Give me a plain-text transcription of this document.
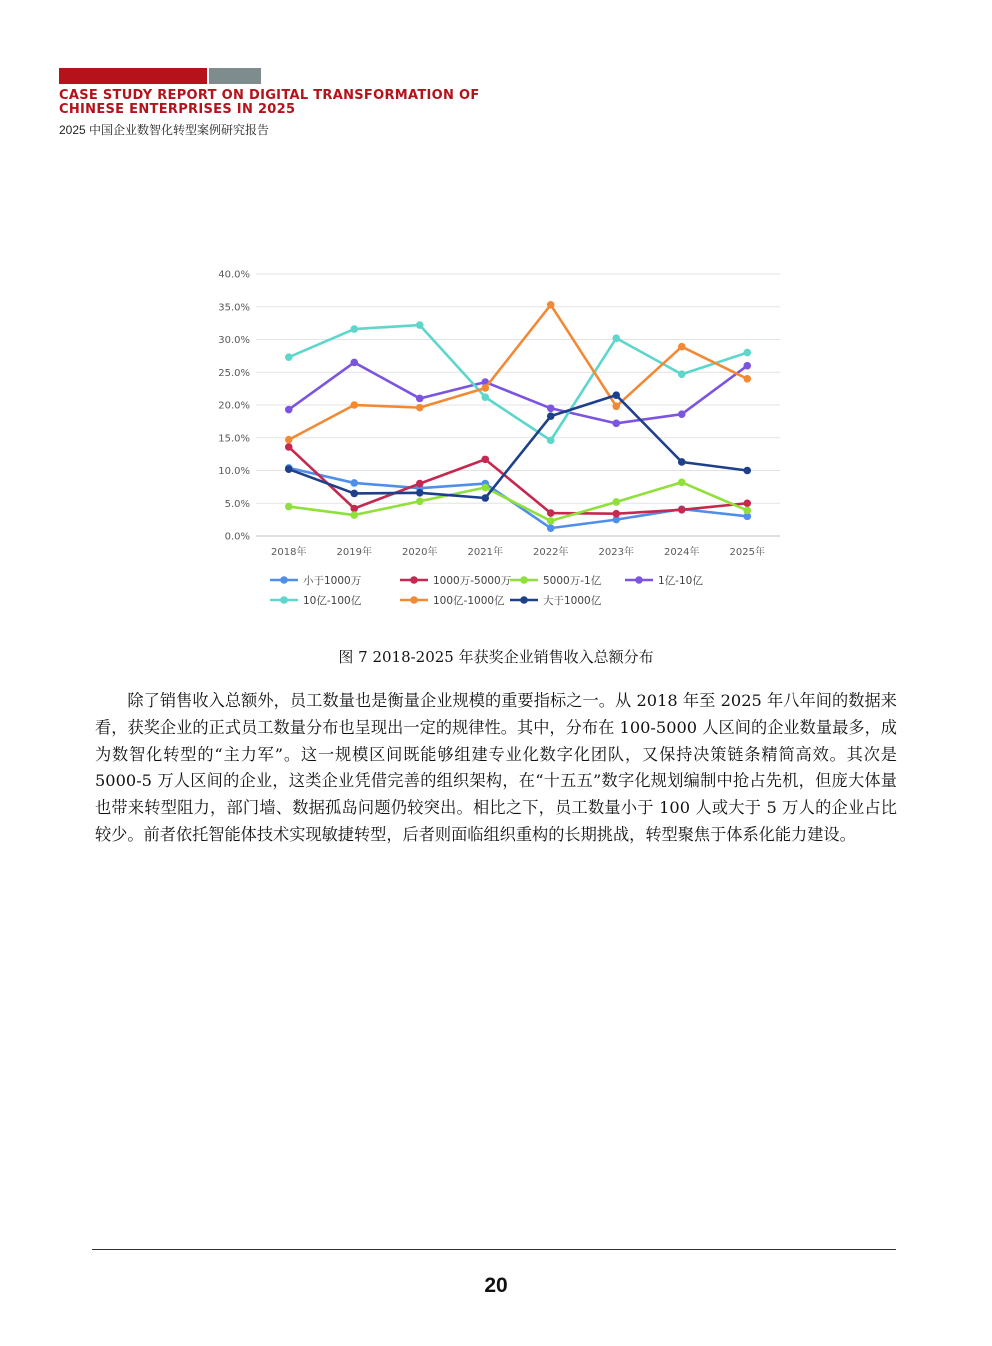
CASE STUDY REPORT ON DIGITAL TRANSFORMATION OF
CHINESE ENTERPRISES IN 2025
2025 中国企业数智化转型案例研究报告
0.0%
5.0%
10.0%
15.0%
20.0%
25.0%
30.0%
35.0%
40.0%
2018年	2019年	2020年	2021年	2022年	2023年	2024年	2025年
小于1000万	1000万-5000万	5000万-1亿	1亿-10亿
10亿-100亿	100亿-1000亿	大于1000亿
图 7 2018-2025 年获奖企业销售收入总额分布
除了销售收入总额外，员工数量也是衡量企业规模的重要指标之一。从 2018 年至 2025 年八年间的数据来看，获奖企业的正式员工数量分布也呈现出一定的规律性。其中，分布在 100-5000 人区间的企业数量最多，成为数智化转型的“主力军”。这一规模区间既能够组建专业化数字化团队，又保持决策链条精简高效。其次是 5000-5 万人区间的企业，这类企业凭借完善的组织架构，在“十五五”数字化规划编制中抢占先机，但庞大体量也带来转型阻力，部门墙、数据孤岛问题仍较突出。相比之下，员工数量小于 100 人或大于 5 万人的企业占比较少。前者依托智能体技术实现敏捷转型，后者则面临组织重构的长期挑战，转型聚焦于体系化能力建设。
20
